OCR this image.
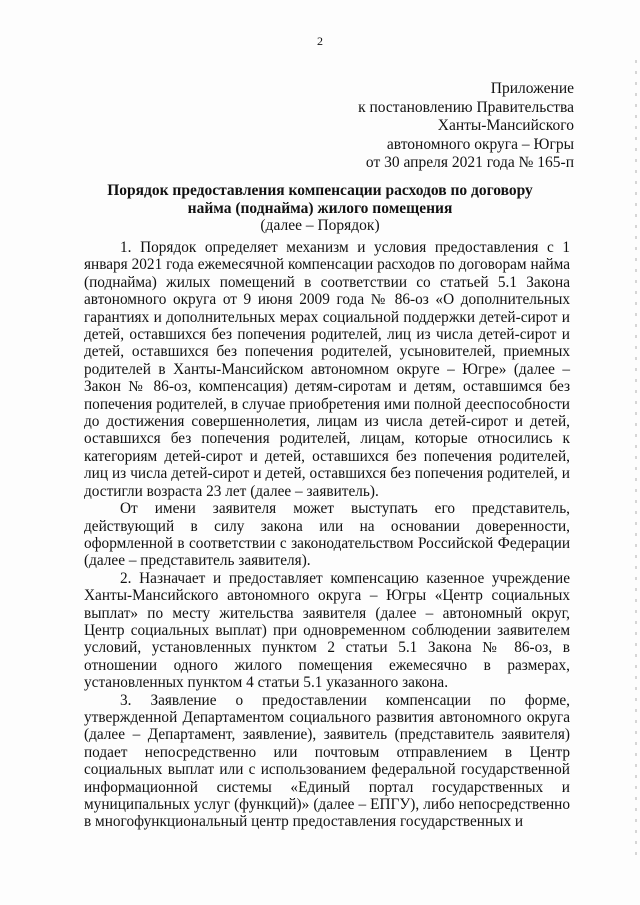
2
Приложение
к постановлению Правительства
Ханты-Мансийского
автономного округа – Югры
от 30 апреля 2021 года № 165-п
Порядок предоставления компенсации расходов по договору
найма (поднайма) жилого помещения
(далее – Порядок)

1. Порядок определяет механизм и условия предоставления с 1 января 2021 года ежемесячной компенсации расходов по договорам найма (поднайма) жилых помещений в соответствии со статьей 5.1 Закона автономного округа от 9 июня 2009 года № 86-оз «О дополнительных гарантиях и дополнительных мерах социальной поддержки детей-сирот и детей, оставшихся без попечения родителей, лиц из числа детей-сирот и детей, оставшихся без попечения родителей, усыновителей, приемных родителей в Ханты-Мансийском автономном округе – Югре» (далее – Закон № 86-оз, компенсация) детям-сиротам и детям, оставшимся без попечения родителей, в случае приобретения ими полной дееспособности до достижения совершеннолетия, лицам из числа детей-сирот и детей, оставшихся без попечения родителей, лицам, которые относились к категориям детей-сирот и детей, оставшихся без попечения родителей, лиц из числа детей-сирот и детей, оставшихся без попечения родителей, и достигли возраста 23 лет (далее – заявитель).

От имени заявителя может выступать его представитель, действующий в силу закона или на основании доверенности, оформленной в соответствии с законодательством Российской Федерации (далее – представитель заявителя).

2. Назначает и предоставляет компенсацию казенное учреждение Ханты-Мансийского автономного округа – Югры «Центр социальных выплат» по месту жительства заявителя (далее – автономный округ, Центр социальных выплат) при одновременном соблюдении заявителем условий, установленных пунктом 2 статьи 5.1 Закона № 86-оз, в отношении одного жилого помещения ежемесячно в размерах, установленных пунктом 4 статьи 5.1 указанного закона.

3. Заявление о предоставлении компенсации по форме, утвержденной Департаментом социального развития автономного округа (далее – Департамент, заявление), заявитель (представитель заявителя) подает непосредственно или почтовым отправлением в Центр социальных выплат или с использованием федеральной государственной информационной системы «Единый портал государственных и муниципальных услуг (функций)» (далее – ЕПГУ), либо непосредственно в многофункциональный центр предоставления государственных и
